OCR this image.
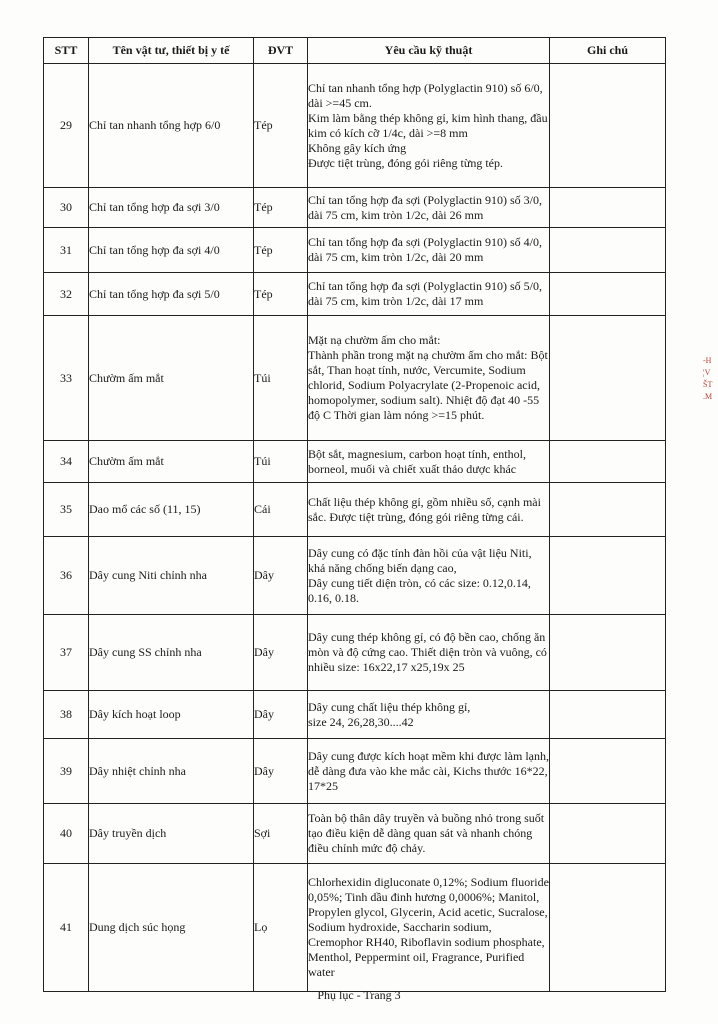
STT	Tên vật tư, thiết bị y tế	ĐVT	Yêu cầu kỹ thuật	Ghi chú
29	Chỉ tan nhanh tổng hợp 6/0	Tép	Chỉ tan nhanh tổng hợp (Polyglactin 910) số 6/0, dài >=45 cm.
Kim làm bằng thép không gỉ, kim hình thang, đầu kim có kích cỡ 1/4c, dài >=8 mm
Không gây kích ứng
Được tiệt trùng, đóng gói riêng từng tép.	

30	Chỉ tan tổng hợp đa sợi 3/0	Tép	Chỉ tan tổng hợp đa sợi (Polyglactin 910) số 3/0, dài 75 cm, kim tròn 1/2c, dài 26 mm	

31	Chỉ tan tổng hợp đa sợi 4/0	Tép	Chỉ tan tổng hợp đa sợi (Polyglactin 910) số 4/0, dài 75 cm, kim tròn 1/2c, dài 20 mm	

32	Chỉ tan tổng hợp đa sợi 5/0	Tép	Chỉ tan tổng hợp đa sợi (Polyglactin 910) số 5/0, dài 75 cm, kim tròn 1/2c, dài 17 mm	

33	Chườm ấm mắt	Túi	Mặt nạ chườm ấm cho mắt:
Thành phần trong mặt nạ chườm ấm cho mắt: Bột sắt, Than hoạt tính, nước, Vercumite, Sodium chlorid, Sodium Polyacrylate (2-Propenoic acid, homopolymer, sodium salt). Nhiệt độ đạt 40 -55 độ C Thời gian làm nóng >=15 phút.	

34	Chườm ấm mắt	Túi	Bột sắt, magnesium, carbon hoạt tính, enthol, borneol, muối và chiết xuất thảo dược khác	

35	Dao mổ các số (11, 15)	Cái	Chất liệu thép không gỉ, gồm nhiều số, cạnh mài sắc. Được tiệt trùng, đóng gói riêng từng cái.	

36	Dây cung Niti chỉnh nha	Dây	Dây cung có đặc tính đàn hồi của vật liệu Niti, khả năng chống biến dạng cao,
Dây cung tiết diện tròn, có các size: 0.12,0.14, 0.16, 0.18.	

37	Dây cung SS chỉnh nha	Dây	Dây cung thép không gỉ, có độ bền cao, chống ăn mòn và độ cứng cao. Thiết diện tròn và vuông, có nhiều size: 16x22,17 x25,19x 25	

38	Dây kích hoạt loop	Dây	Dây cung chất liệu thép không gỉ,
size 24, 26,28,30....42	

39	Dây nhiệt chỉnh nha	Dây	Dây cung được kích hoạt mềm khi được làm lạnh, dễ dàng đưa vào khe mắc cài, Kichs thước 16*22, 17*25	

40	Dây truyền dịch	Sợi	Toàn bộ thân dây truyền và buồng nhỏ trong suốt tạo điều kiện dễ dàng quan sát và nhanh chóng điều chỉnh mức độ chảy.	

41	Dung dịch súc họng	Lọ	Chlorhexidin digluconate 0,12%; Sodium fluoride 0,05%; Tinh dầu đinh hương 0,0006%; Manitol, Propylen glycol, Glycerin, Acid acetic, Sucralose, Sodium hydroxide, Saccharin sodium, Cremophor RH40, Riboflavin sodium phosphate, Menthol, Peppermint oil, Fragrance, Purified water	

Phụ lục - Trang 3
-H ¦V ŠT .M
